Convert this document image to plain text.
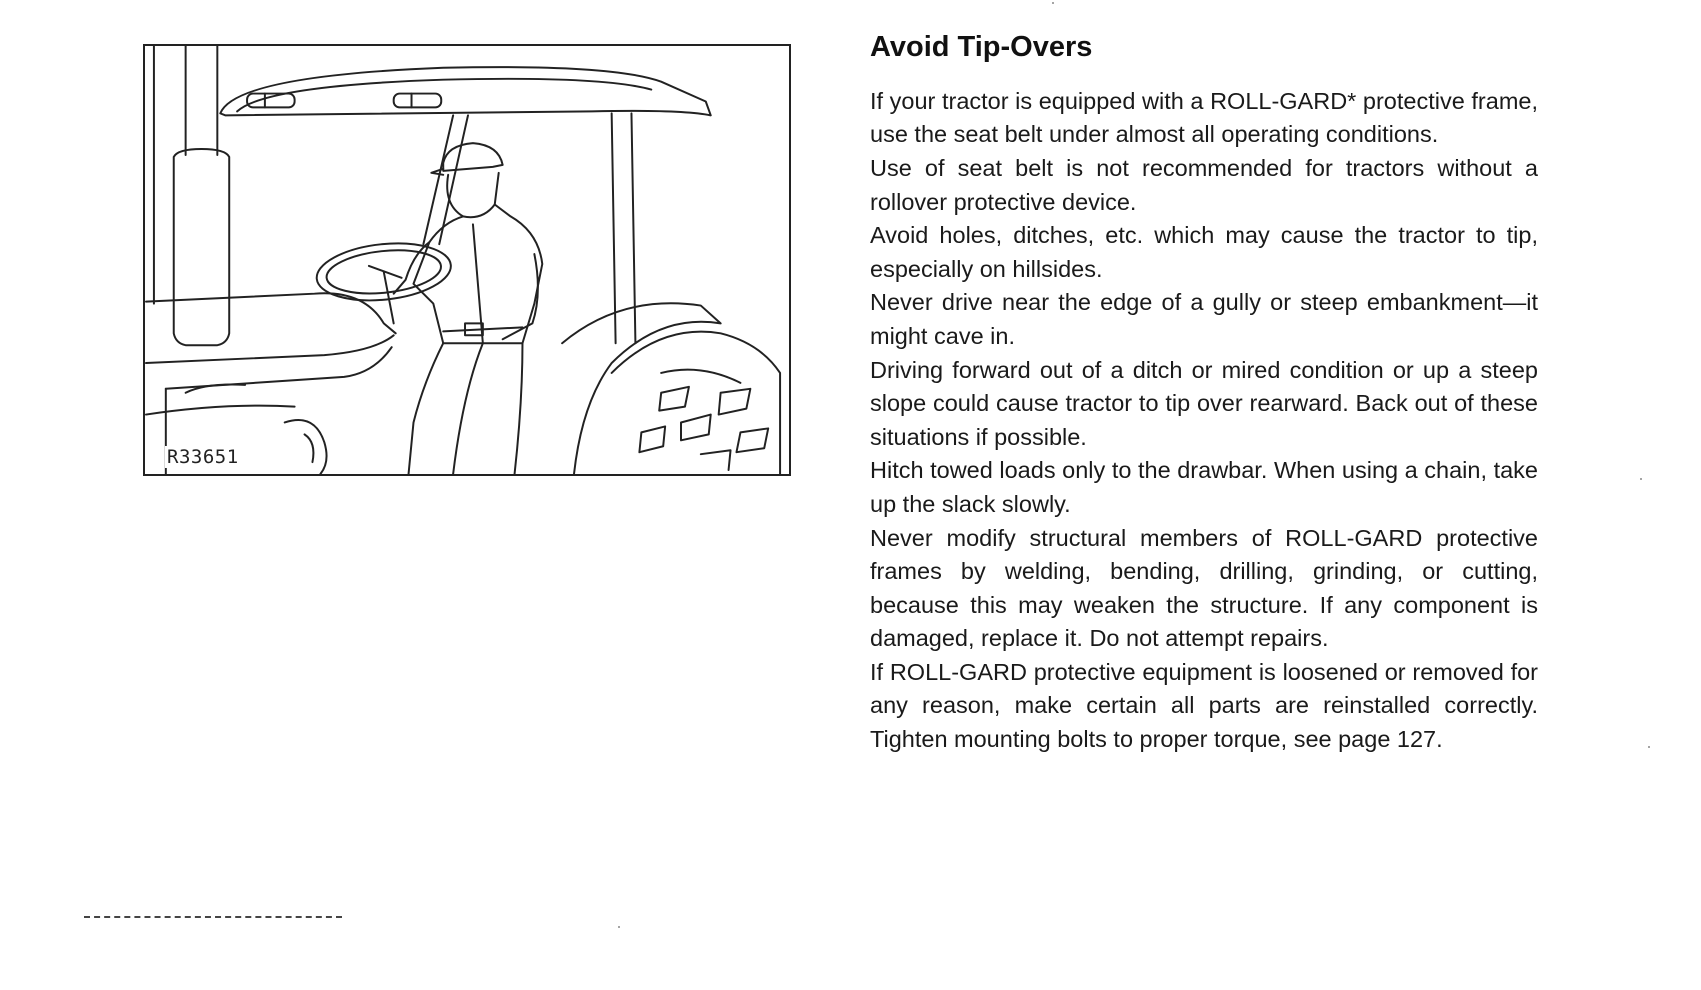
R33651
Avoid Tip-Overs

If your tractor is equipped with a ROLL-GARD* protective frame, use the seat belt under almost all operating conditions.

Use of seat belt is not recommended for tractors without a rollover protective device.

Avoid holes, ditches, etc. which may cause the tractor to tip, especially on hillsides.

Never drive near the edge of a gully or steep embankment—it might cave in.

Driving forward out of a ditch or mired condition or up a steep slope could cause tractor to tip over rearward. Back out of these situations if possible.

Hitch towed loads only to the drawbar. When using a chain, take up the slack slowly.

Never modify structural members of ROLL-GARD protective frames by welding, bending, drilling, grinding, or cutting, because this may weaken the structure. If any component is damaged, replace it. Do not attempt repairs.

If ROLL-GARD protective equipment is loosened or removed for any reason, make certain all parts are reinstalled correctly. Tighten mounting bolts to proper torque, see page 127.
